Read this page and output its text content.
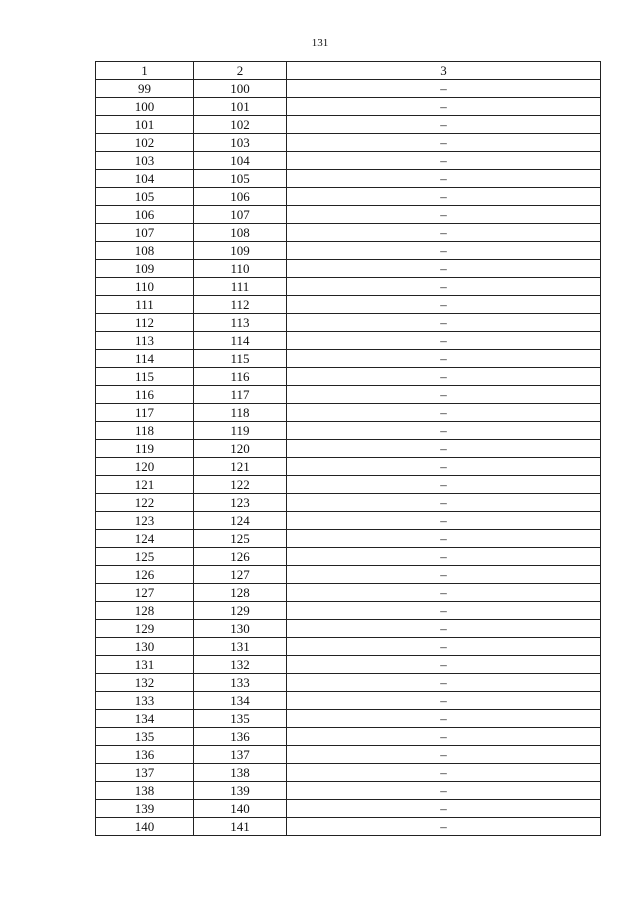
131
1	2	3
99	100	–
100	101	–
101	102	–
102	103	–
103	104	–
104	105	–
105	106	–
106	107	–
107	108	–
108	109	–
109	110	–
110	111	–
111	112	–
112	113	–
113	114	–
114	115	–
115	116	–
116	117	–
117	118	–
118	119	–
119	120	–
120	121	–
121	122	–
122	123	–
123	124	–
124	125	–
125	126	–
126	127	–
127	128	–
128	129	–
129	130	–
130	131	–
131	132	–
132	133	–
133	134	–
134	135	–
135	136	–
136	137	–
137	138	–
138	139	–
139	140	–
140	141	–
